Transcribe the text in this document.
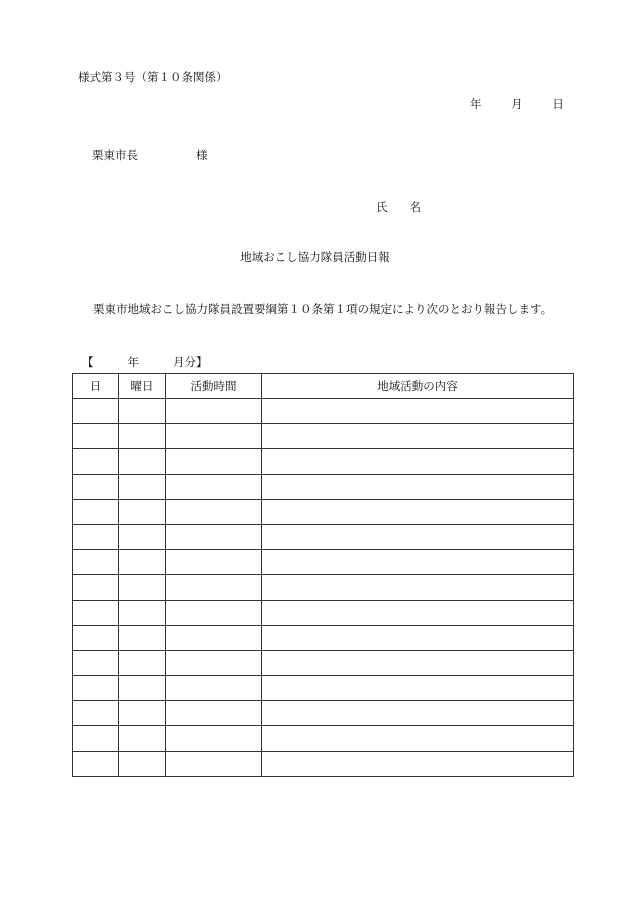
様式第３号（第１０条関係）
年	月	日
栗東市長	様
氏 名
地域おこし協力隊員活動日報
栗東市地域おこし協力隊員設置要綱第１０条第１項の規定により次のとおり報告します。
【	年	月分】
日	曜日	活動時間	地域活動の内容
